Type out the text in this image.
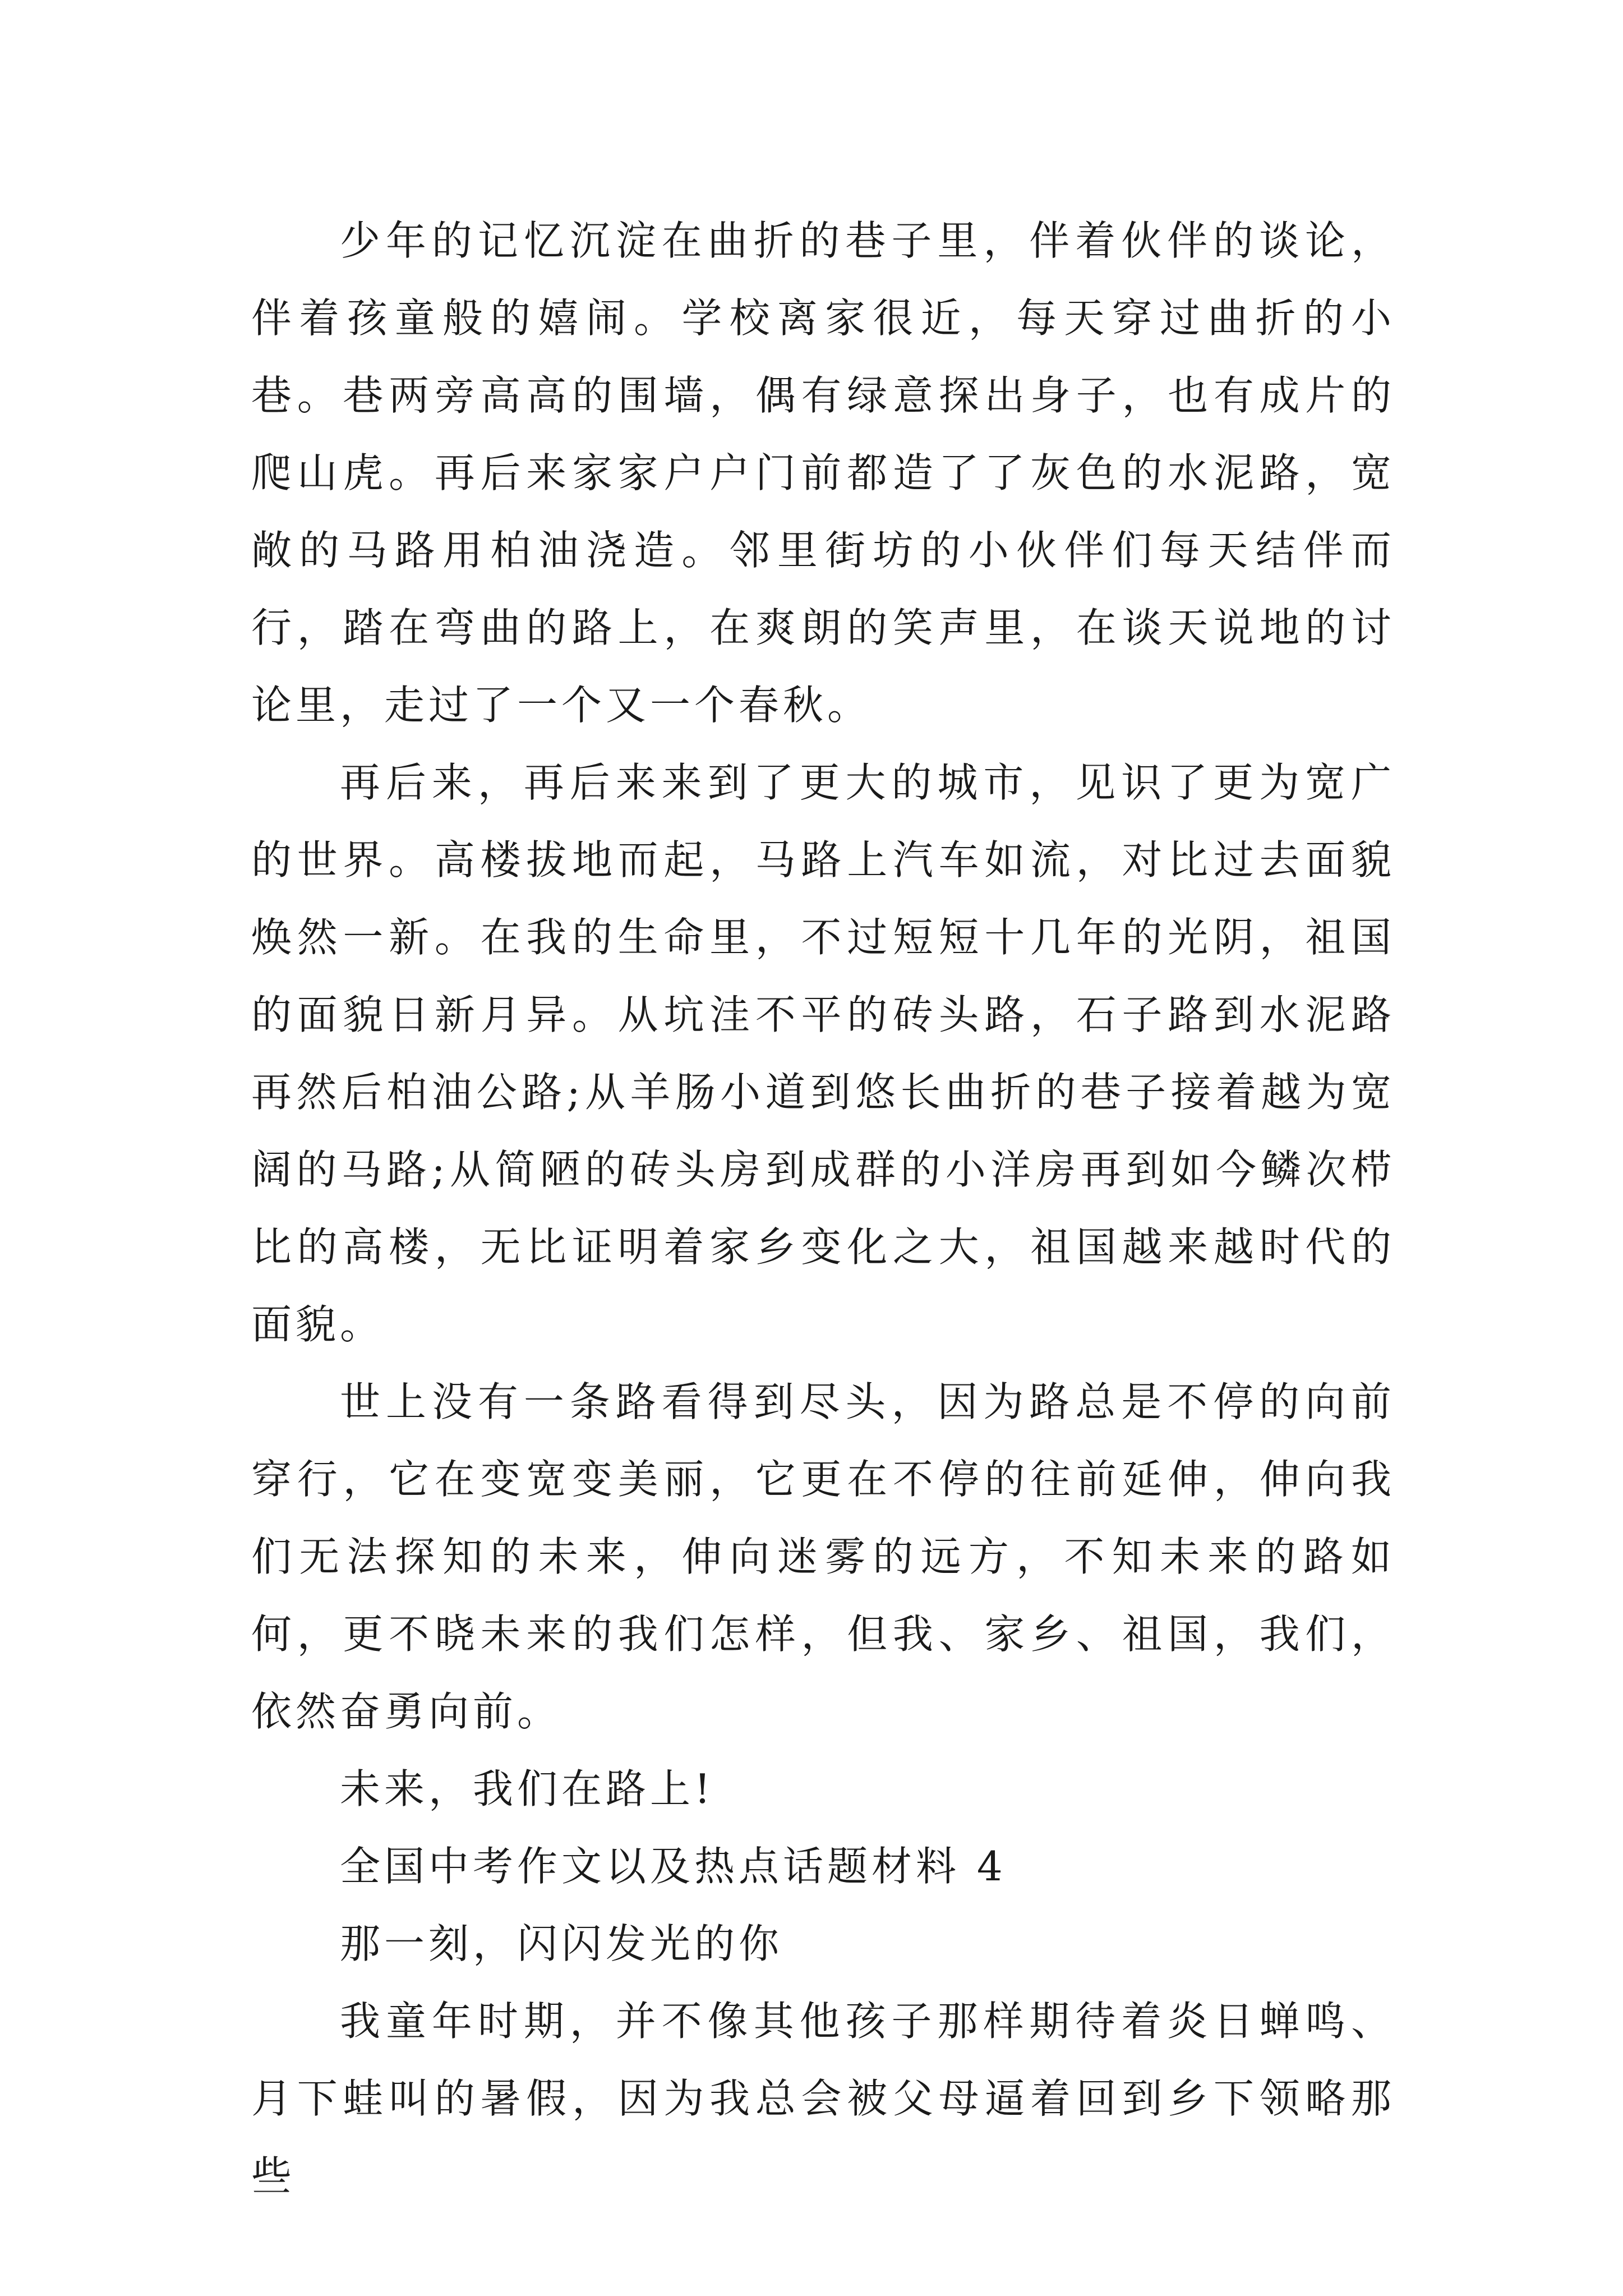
少年的记忆沉淀在曲折的巷子里，伴着伙伴的谈论，伴着孩童般的嬉闹。学校离家很近，每天穿过曲折的小巷。巷两旁高高的围墙，偶有绿意探出身子，也有成片的爬山虎。再后来家家户户门前都造了了灰色的水泥路，宽敞的马路用柏油浇造。邻里街坊的小伙伴们每天结伴而行，踏在弯曲的路上，在爽朗的笑声里，在谈天说地的讨论里，走过了一个又一个春秋。

再后来，再后来来到了更大的城市，见识了更为宽广的世界。高楼拔地而起，马路上汽车如流，对比过去面貌焕然一新。在我的生命里，不过短短十几年的光阴，祖国的面貌日新月异。从坑洼不平的砖头路，石子路到水泥路再然后柏油公路;从羊肠小道到悠长曲折的巷子接着越为宽阔的马路;从简陋的砖头房到成群的小洋房再到如今鳞次栉比的高楼，无比证明着家乡变化之大，祖国越来越时代的面貌。

世上没有一条路看得到尽头，因为路总是不停的向前穿行，它在变宽变美丽，它更在不停的往前延伸，伸向我们无法探知的未来，伸向迷雾的远方，不知未来的路如何，更不晓未来的我们怎样，但我、家乡、祖国，我们，依然奋勇向前。

未来，我们在路上!

全国中考作文以及热点话题材料 4

那一刻，闪闪发光的你

我童年时期，并不像其他孩子那样期待着炎日蝉鸣、月下蛙叫的暑假，因为我总会被父母逼着回到乡下领略那些
